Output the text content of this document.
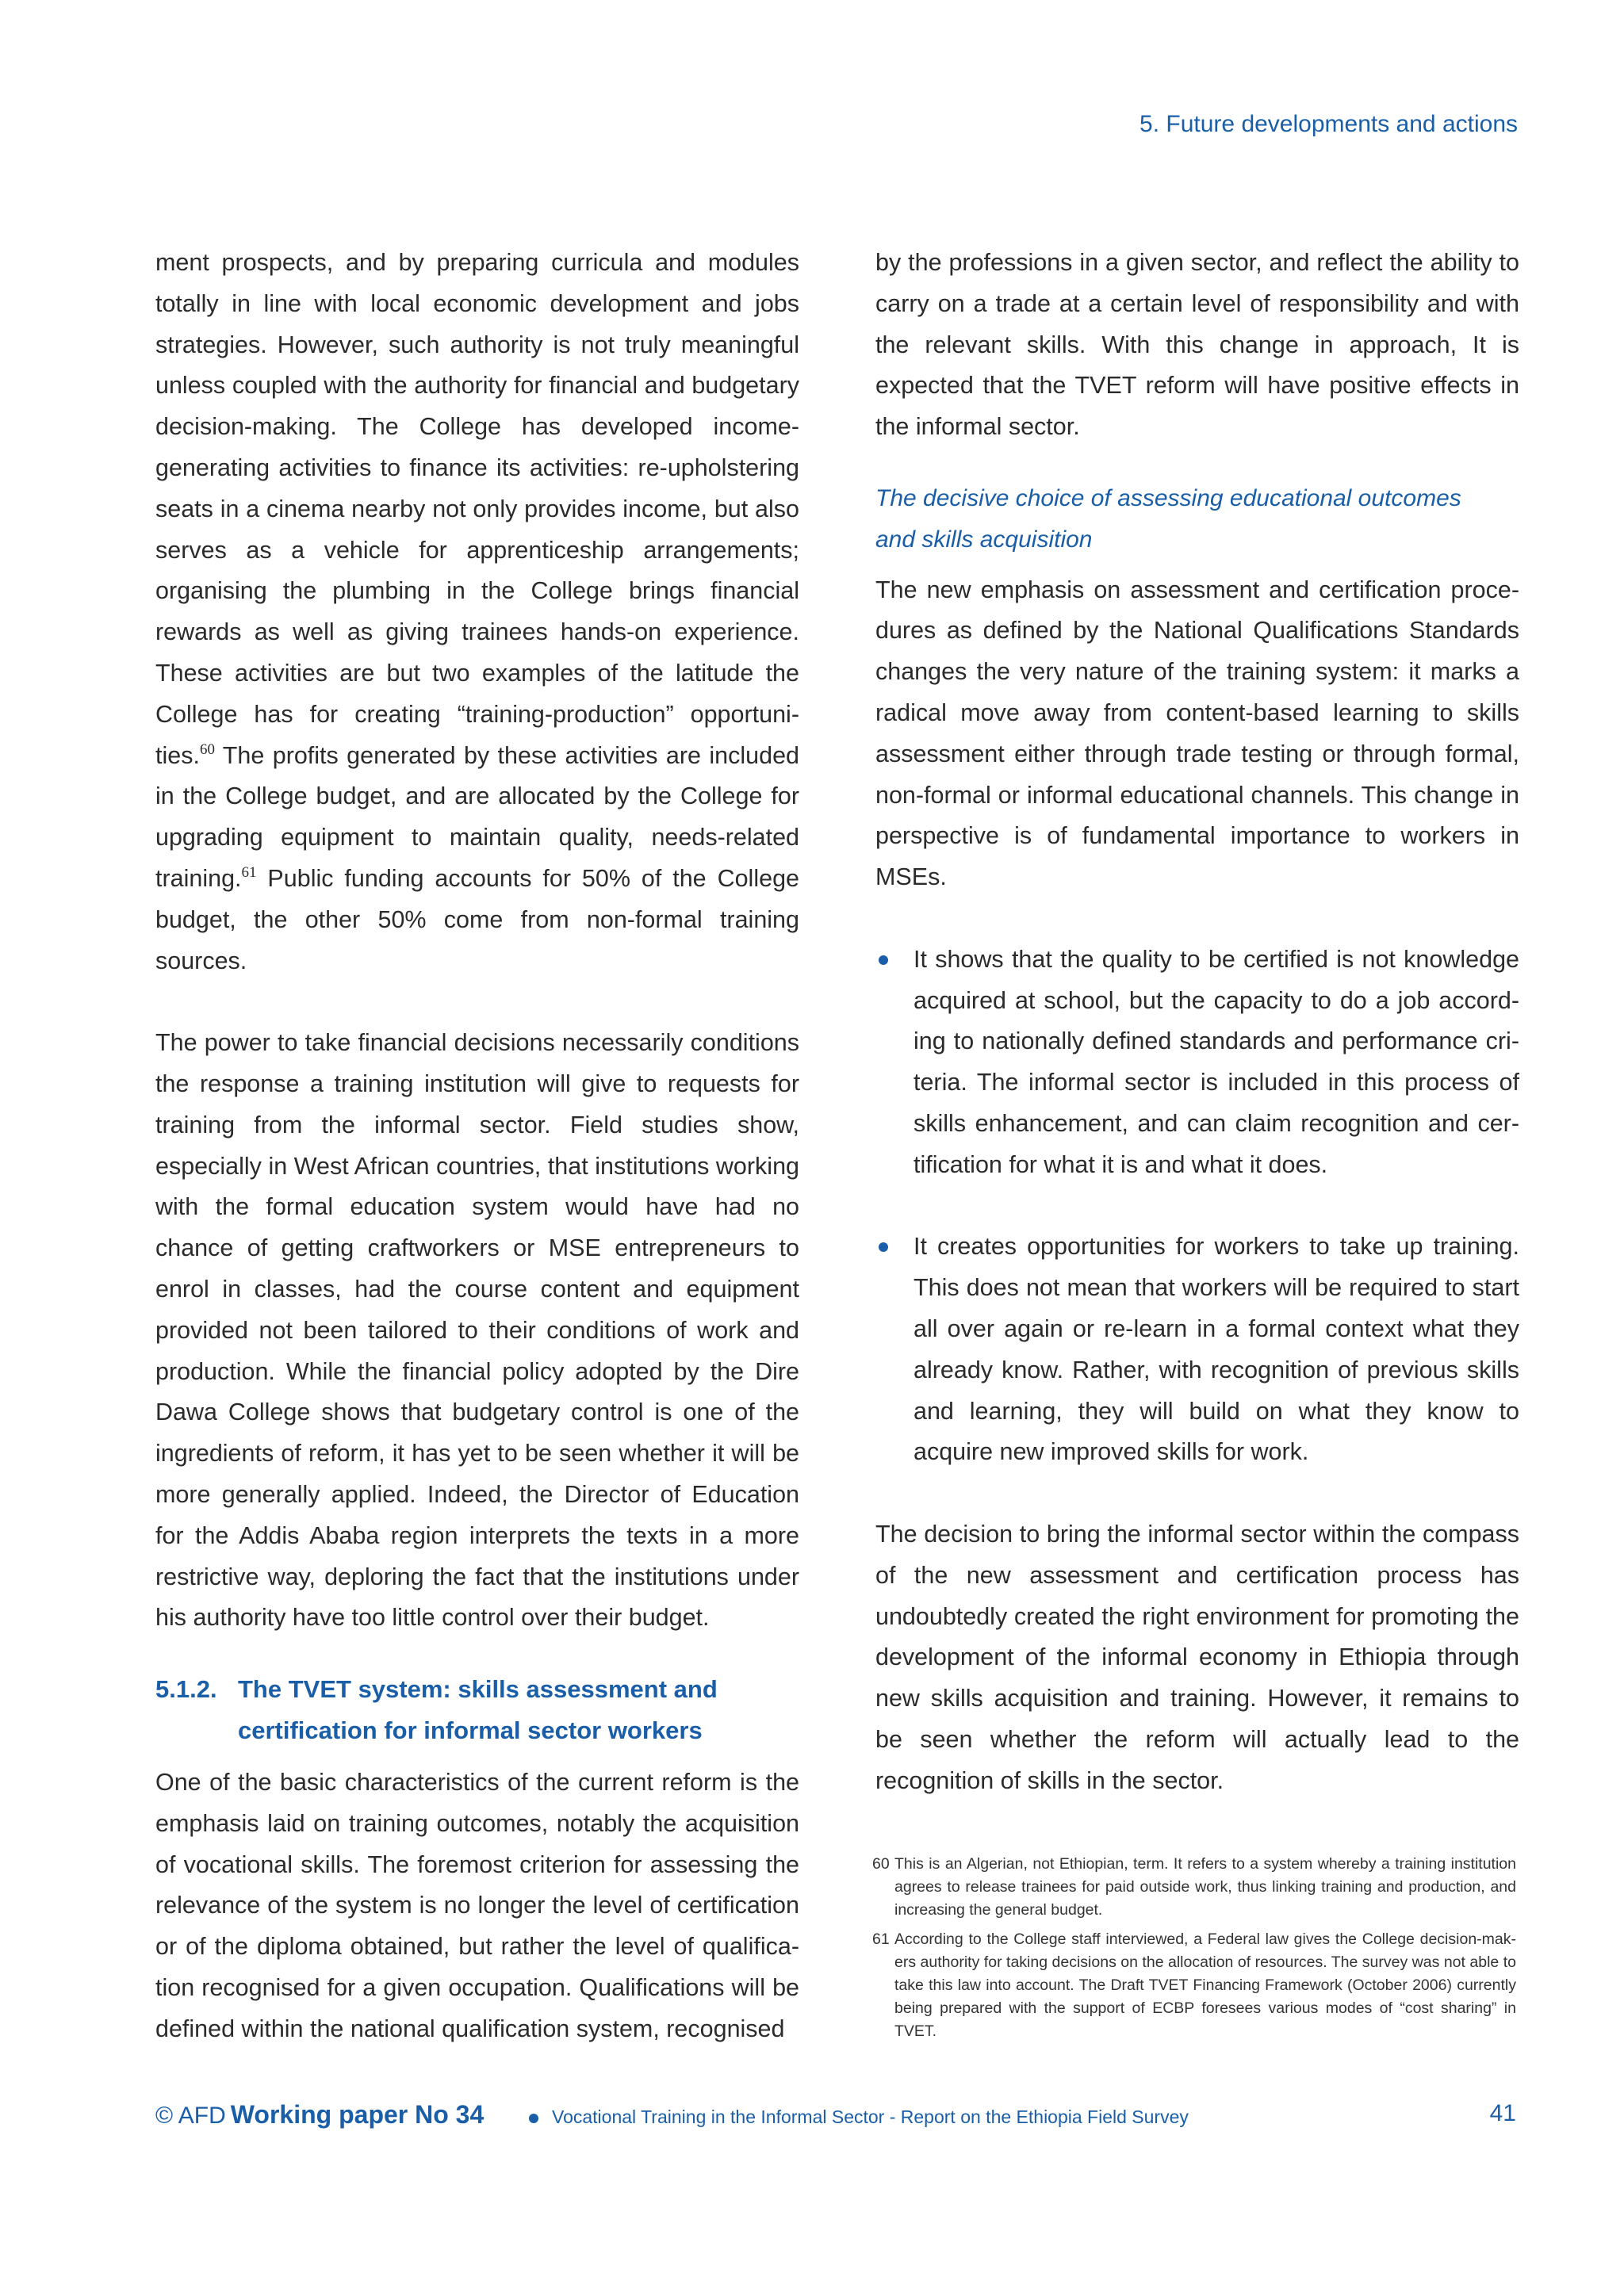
5. Future developments and actions

ment prospects, and by preparing curricula and modules totally in line with local economic development and jobs strategies. However, such authority is not truly meaningful unless coupled with the authority for financial and budgetary decision-making. The College has developed incomegenerating activities to finance its activities: re-upholstering seats in a cinema nearby not only provides income, but also serves as a vehicle for apprenticeship arrangements; organising the plumbing in the College brings financial rewards as well as giving trainees hands-on experience. These activities are but two examples of the latitude the College has for creating “training-production” opportunities.$^{60}$ The profits generated by these activities are included in the College budget, and are allocated by the College for upgrading equipment to maintain quality, needs-related training.$^{61}$ Public funding accounts for 50% of the College budget, the other 50% come from non-formal training sources.

The power to take financial decisions necessarily conditions the response a training institution will give to requests for training from the informal sector. Field studies show, especially in West African countries, that institutions working with the formal education system would have had no chance of getting craftworkers or MSE entrepreneurs to enrol in classes, had the course content and equipment provided not been tailored to their conditions of work and production. While the financial policy adopted by the Dire Dawa College shows that budgetary control is one of the ingredients of reform, it has yet to be seen whether it will be more generally applied. Indeed, the Director of Education for the Addis Ababa region interprets the texts in a more restrictive way, deploring the fact that the institutions under his authority have too little control over their budget.

5.1.2. The TVET system: skills assessment and
certification for informal sector workers

One of the basic characteristics of the current reform is the emphasis laid on training outcomes, notably the acquisition of vocational skills. The foremost criterion for assessing the relevance of the system is no longer the level of certification or of the diploma obtained, but rather the level of qualification recognised for a given occupation. Qualifications will be defined within the national qualification system, recognised

by the professions in a given sector, and reflect the ability to carry on a trade at a certain level of responsibility and with the relevant skills. With this change in approach, It is expected that the TVET reform will have positive effects in the informal sector.

The decisive choice of assessing educational outcomes
and skills acquisition

The new emphasis on assessment and certification procedures as defined by the National Qualifications Standards changes the very nature of the training system: it marks a radical move away from content-based learning to skills assessment either through trade testing or through formal, non-formal or informal educational channels. This change in perspective is of fundamental importance to workers in MSEs.

It shows that the quality to be certified is not knowledge acquired at school, but the capacity to do a job according to nationally defined standards and performance criteria. The informal sector is included in this process of skills enhancement, and can claim recognition and certification for what it is and what it does.
It creates opportunities for workers to take up training. This does not mean that workers will be required to start all over again or re-learn in a formal context what they already know. Rather, with recognition of previous skills and learning, they will build on what they know to acquire new improved skills for work.

The decision to bring the informal sector within the compass of the new assessment and certification process has undoubtedly created the right environment for promoting the development of the informal economy in Ethiopia through new skills acquisition and training. However, it remains to be seen whether the reform will actually lead to the recognition of skills in the sector.

60 This is an Algerian, not Ethiopian, term. It refers to a system whereby a training institution agrees to release trainees for paid outside work, thus linking training and production, and increasing the general budget.
61 According to the College staff interviewed, a Federal law gives the College decision-makers authority for taking decisions on the allocation of resources. The survey was not able to take this law into account. The Draft TVET Financing Framework (October 2006) currently being prepared with the support of ECBP foresees various modes of “cost sharing” in TVET.
© AFD Working paper No 34	Vocational Training in the Informal Sector - Report on the Ethiopia Field Survey	41
